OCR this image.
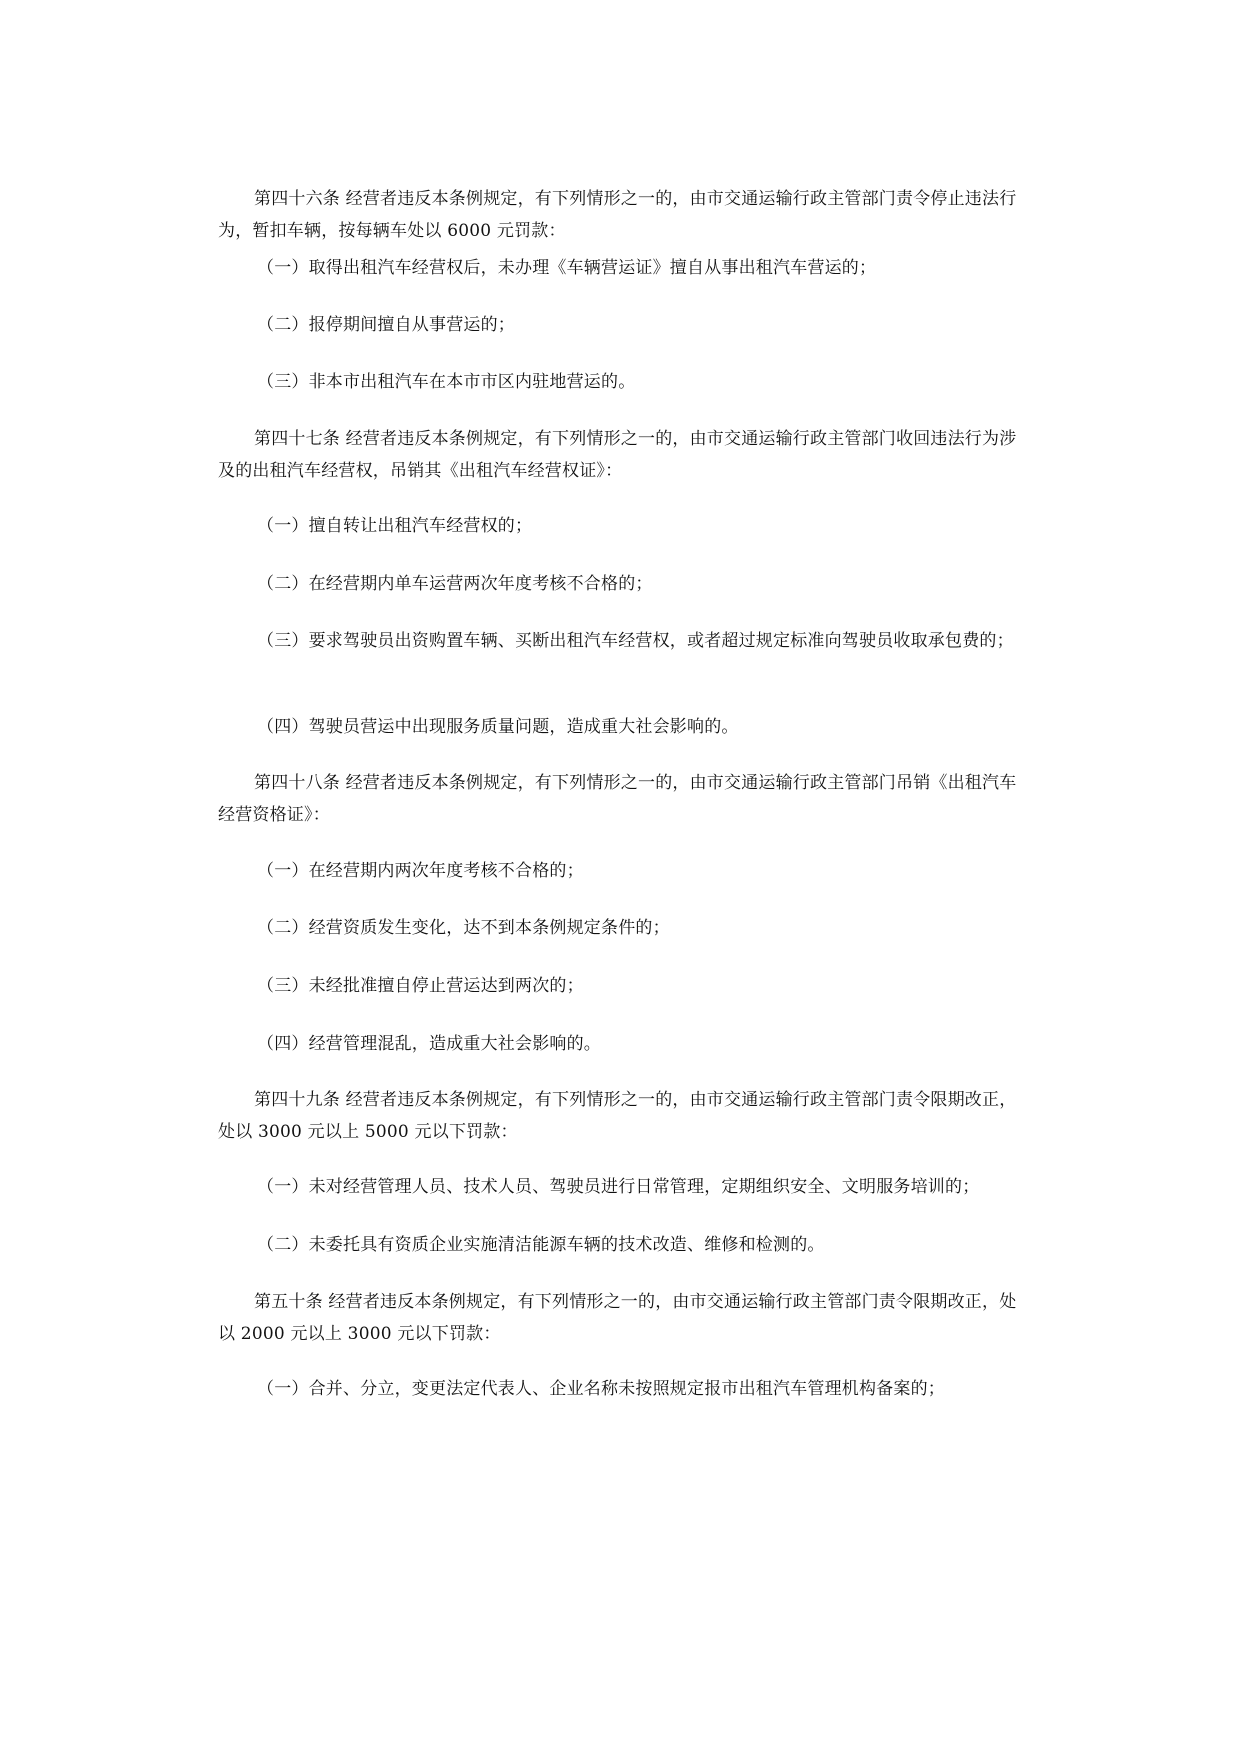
第四十六条 经营者违反本条例规定，有下列情形之一的，由市交通运输行政主管部门责令停止违法行为，暂扣车辆，按每辆车处以 6000 元罚款：
（一）取得出租汽车经营权后，未办理《车辆营运证》擅自从事出租汽车营运的；
（二）报停期间擅自从事营运的；
（三）非本市出租汽车在本市市区内驻地营运的。
第四十七条 经营者违反本条例规定，有下列情形之一的，由市交通运输行政主管部门收回违法行为涉及的出租汽车经营权，吊销其《出租汽车经营权证》：
（一）擅自转让出租汽车经营权的；
（二）在经营期内单车运营两次年度考核不合格的；
（三）要求驾驶员出资购置车辆、买断出租汽车经营权，或者超过规定标准向驾驶员收取承包费的；
（四）驾驶员营运中出现服务质量问题，造成重大社会影响的。
第四十八条 经营者违反本条例规定，有下列情形之一的，由市交通运输行政主管部门吊销《出租汽车经营资格证》：
（一）在经营期内两次年度考核不合格的；
（二）经营资质发生变化，达不到本条例规定条件的；
（三）未经批准擅自停止营运达到两次的；
（四）经营管理混乱，造成重大社会影响的。
第四十九条 经营者违反本条例规定，有下列情形之一的，由市交通运输行政主管部门责令限期改正，处以 3000 元以上 5000 元以下罚款：
（一）未对经营管理人员、技术人员、驾驶员进行日常管理，定期组织安全、文明服务培训的；
（二）未委托具有资质企业实施清洁能源车辆的技术改造、维修和检测的。
第五十条 经营者违反本条例规定，有下列情形之一的，由市交通运输行政主管部门责令限期改正，处以 2000 元以上 3000 元以下罚款：
（一）合并、分立，变更法定代表人、企业名称未按照规定报市出租汽车管理机构备案的；
